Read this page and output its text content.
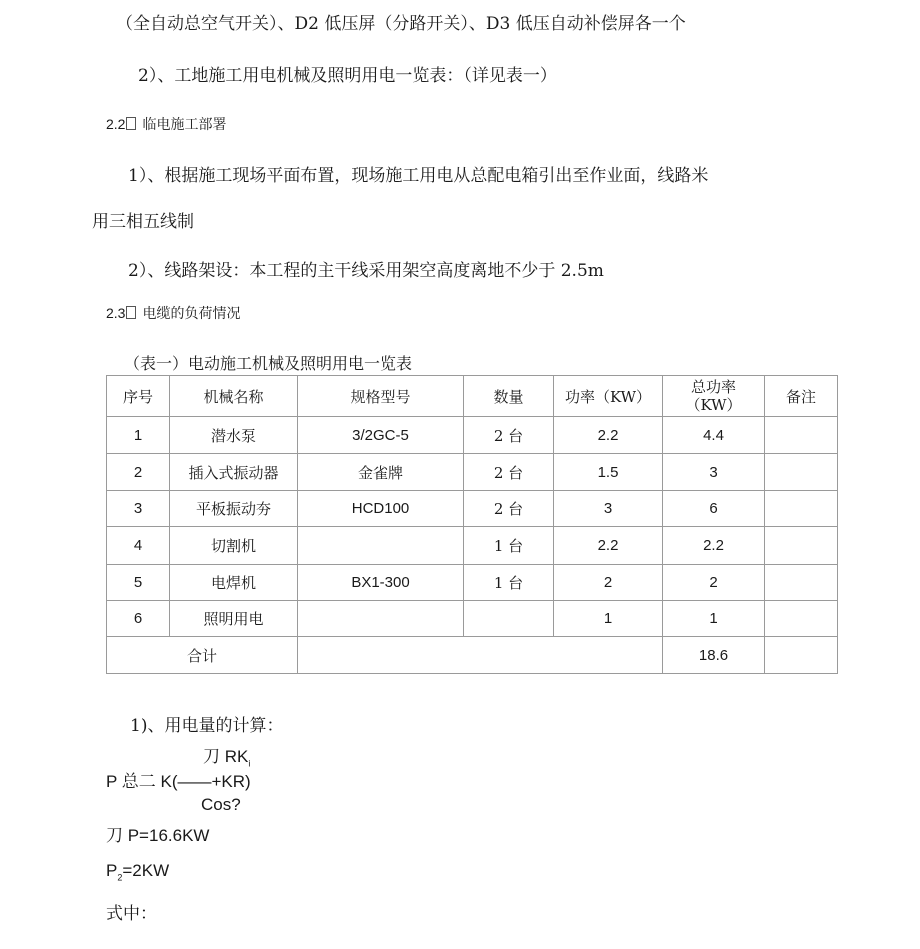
（全自动总空气开关）、D2 低压屏（分路开关）、D3 低压自动补偿屏各一个
2）、工地施工用电机械及照明用电一览表：（详见表一）
2.2 临电施工部署
1）、根据施工现场平面布置，现场施工用电从总配电箱引出至作业面，线路米
用三相五线制
2）、线路架设：本工程的主干线采用架空高度离地不少于 2.5m
2.3 电缆的负荷情况
（表一）电动施工机械及照明用电一览表
序号	机械名称	规格型号	数量	功率（KW）	总功率
（KW）	备注
1	潜水泵	3/2GC-5	2 台	2.2	4.4	
2	插入式振动器	金雀牌	2 台	1.5	3	
3	平板振动夯	HCD100	2 台	3	6	
4	切割机		1 台	2.2	2.2	
5	电焊机	BX1-300	1 台	2	2	
6	照明用电			1	1	
合计					18.6	
1)、用电量的计算：
刀 $RK_i$
P 总二 K(——+KR)
Cos?
刀 P=16.6KW
$P_2=2KW$
式中：
